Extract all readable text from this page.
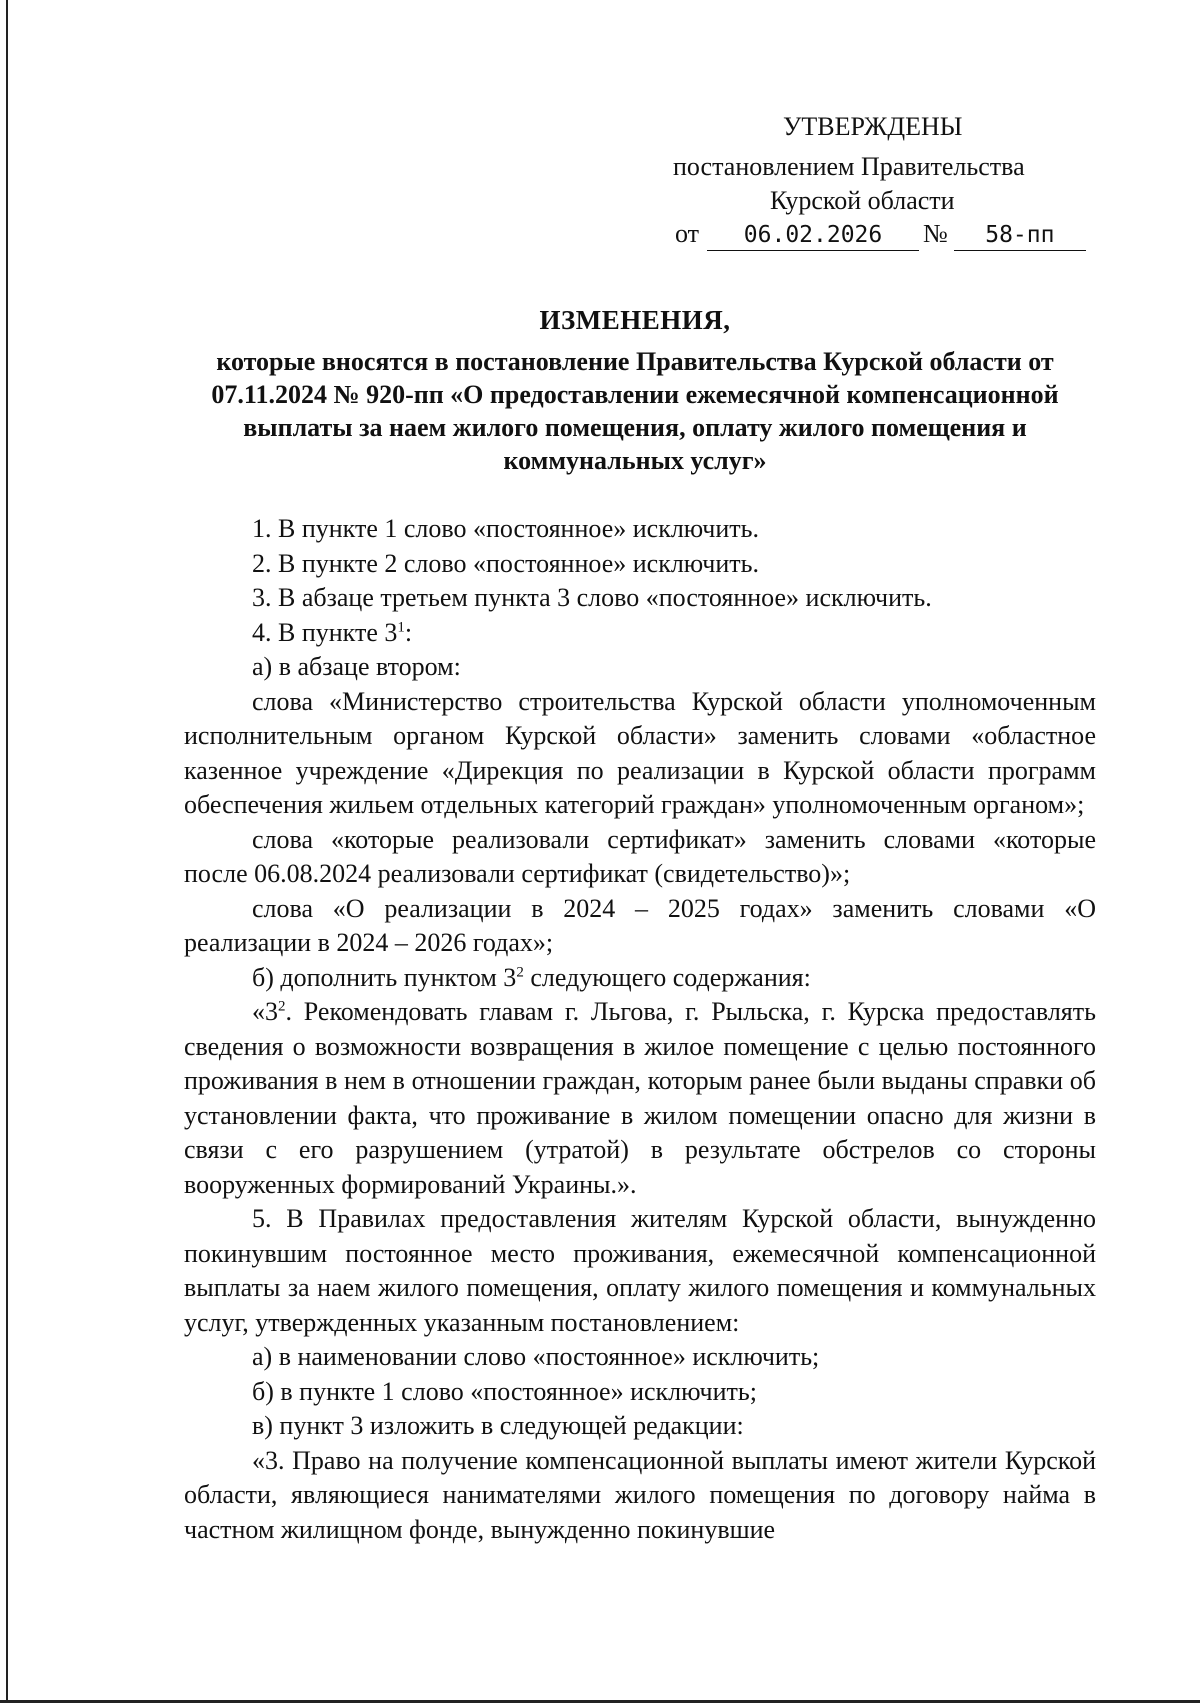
УТВЕРЖДЕНЫ
постановлением Правительства
Курской области
от	06.02.2026	№	58-пп
ИЗМЕНЕНИЯ,
которые вносятся в постановление Правительства Курской области от 07.11.2024 № 920-пп «О предоставлении ежемесячной компенсационной выплаты за наем жилого помещения, оплату жилого помещения и коммунальных услуг»

1. В пункте 1 слово «постоянное» исключить.

2. В пункте 2 слово «постоянное» исключить.

3. В абзаце третьем пункта 3 слово «постоянное» исключить.

4. В пункте $3^1$:

а) в абзаце втором:

слова «Министерство строительства Курской области уполномоченным исполнительным органом Курской области» заменить словами «областное казенное учреждение «Дирекция по реализации в Курской области программ обеспечения жильем отдельных категорий граждан» уполномоченным органом»;

слова «которые реализовали сертификат» заменить словами «которые после 06.08.2024 реализовали сертификат (свидетельство)»;

слова «О реализации в 2024 – 2025 годах» заменить словами «О реализации в 2024 – 2026 годах»;

б) дополнить пунктом $3^2$ следующего содержания:

«$3^2$. Рекомендовать главам г. Льгова, г. Рыльска, г. Курска предоставлять сведения о возможности возвращения в жилое помещение с целью постоянного проживания в нем в отношении граждан, которым ранее были выданы справки об установлении факта, что проживание в жилом помещении опасно для жизни в связи с его разрушением (утратой) в результате обстрелов со стороны вооруженных формирований Украины.».

5. В Правилах предоставления жителям Курской области, вынужденно покинувшим постоянное место проживания, ежемесячной компенсационной выплаты за наем жилого помещения, оплату жилого помещения и коммунальных услуг, утвержденных указанным постановлением:

а) в наименовании слово «постоянное» исключить;

б) в пункте 1 слово «постоянное» исключить;

в) пункт 3 изложить в следующей редакции:

«3. Право на получение компенсационной выплаты имеют жители Курской области, являющиеся нанимателями жилого помещения по договору найма в частном жилищном фонде, вынужденно покинувшие
